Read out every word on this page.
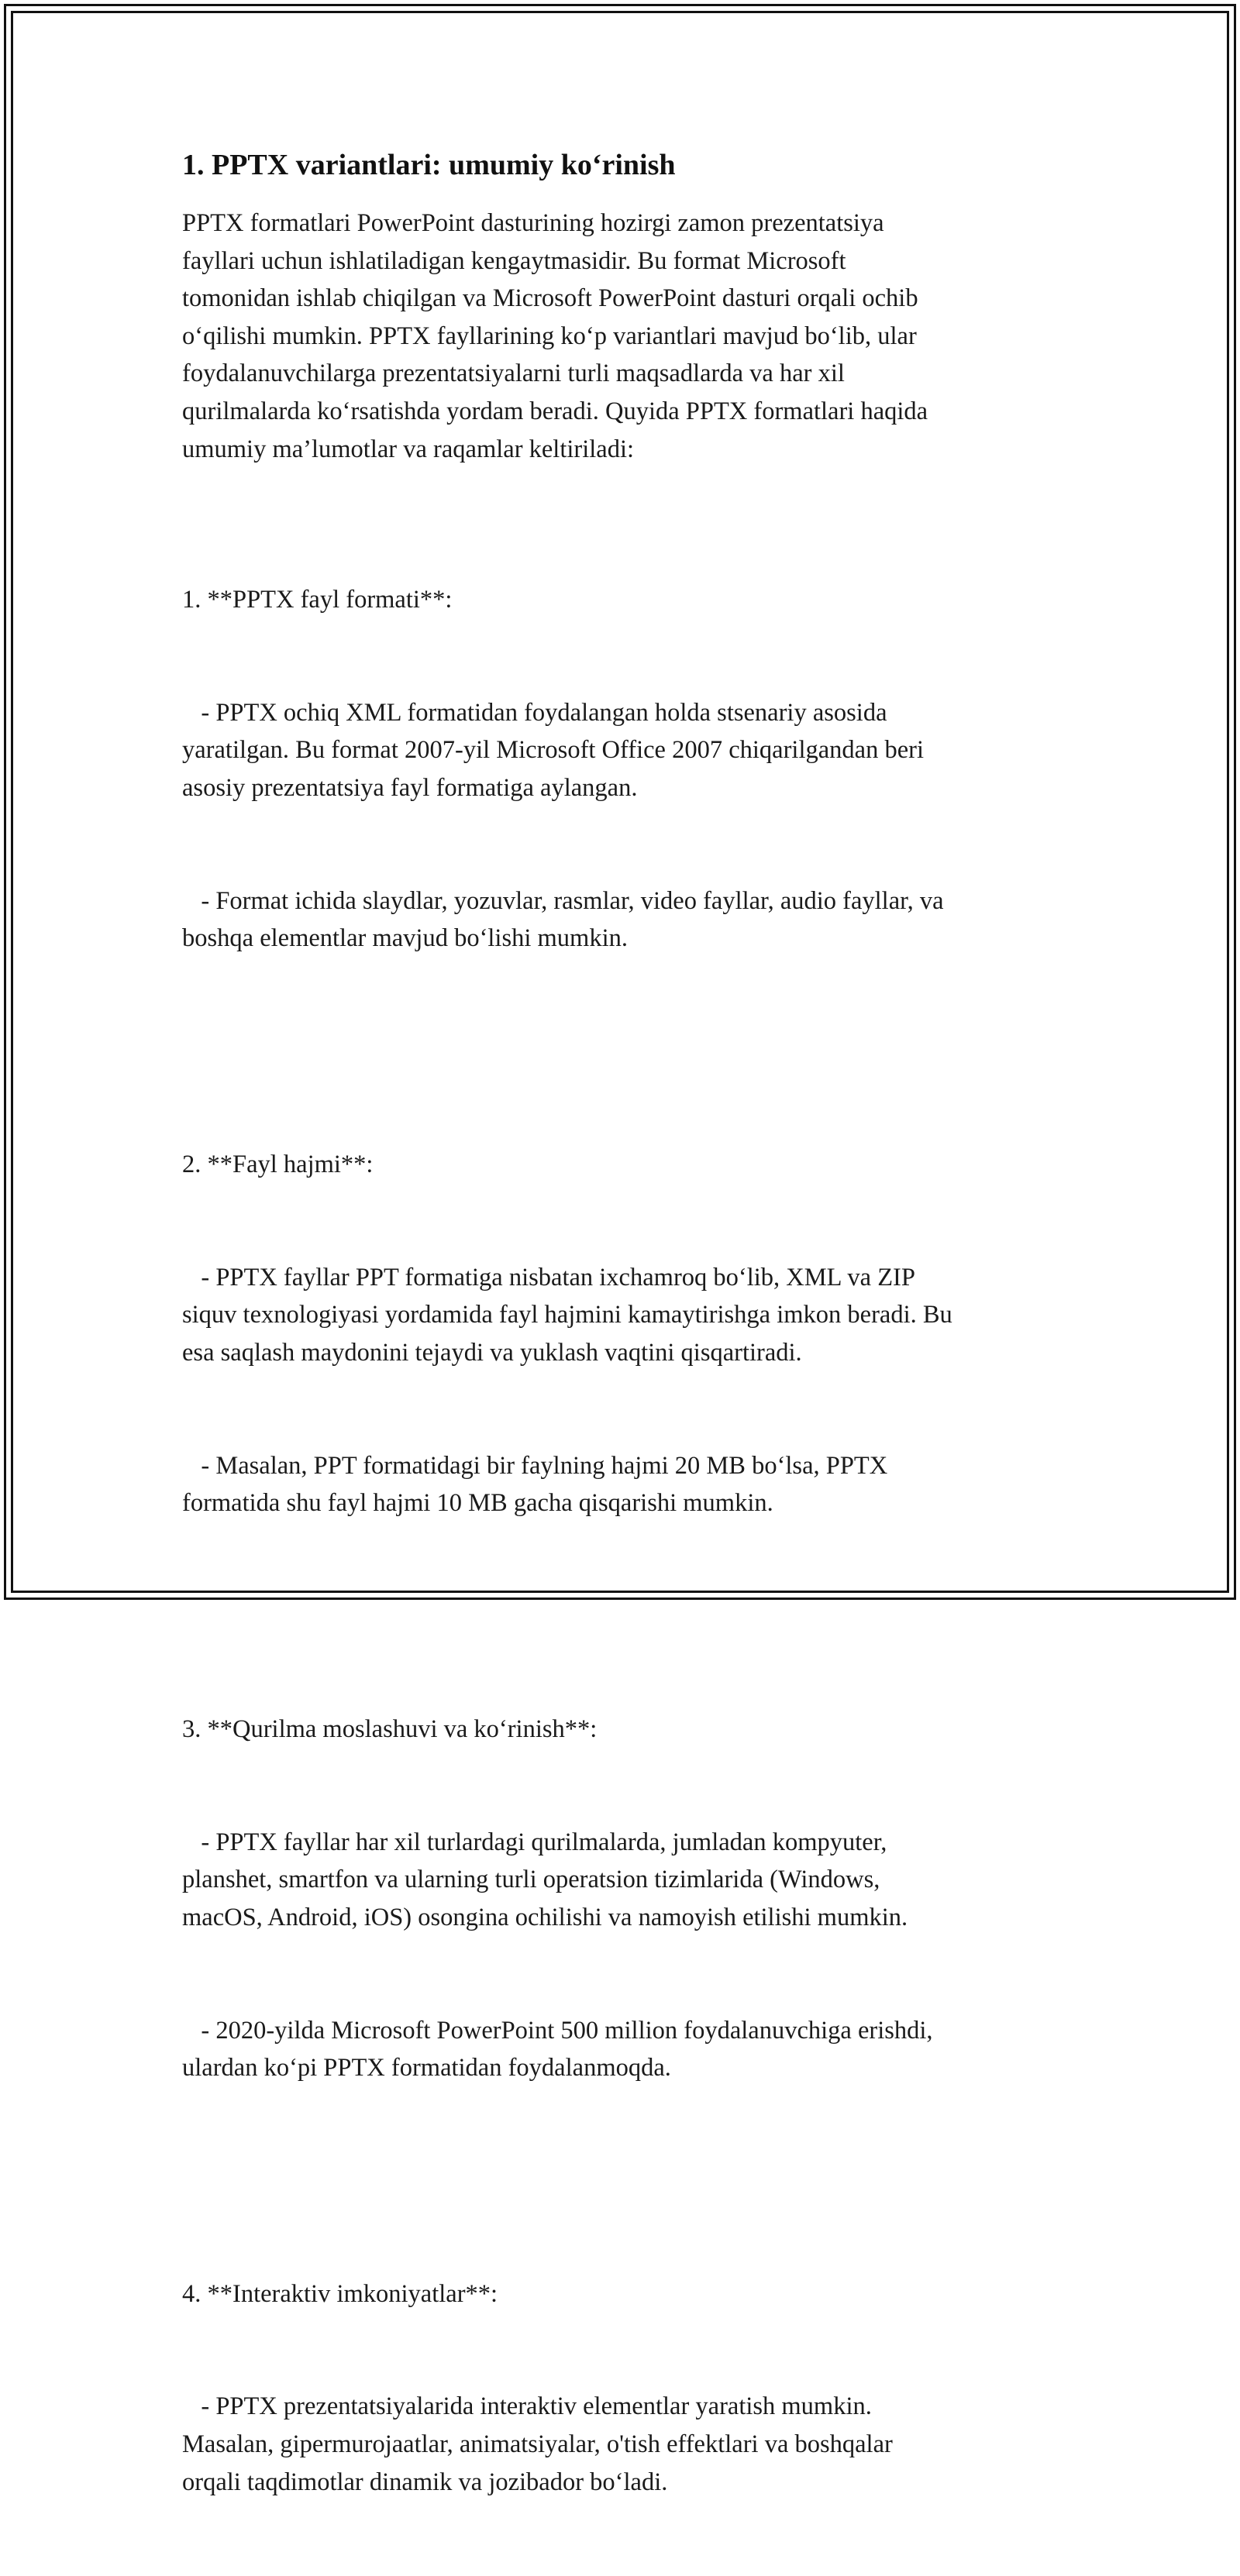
1. PPTX variantlari: umumiy ko‘rinish

PPTX formatlari PowerPoint dasturining hozirgi zamon prezentatsiya
fayllari uchun ishlatiladigan kengaytmasidir. Bu format Microsoft
tomonidan ishlab chiqilgan va Microsoft PowerPoint dasturi orqali ochib
o‘qilishi mumkin. PPTX fayllarining ko‘p variantlari mavjud bo‘lib, ular
foydalanuvchilarga prezentatsiyalarni turli maqsadlarda va har xil
qurilmalarda ko‘rsatishda yordam beradi. Quyida PPTX formatlari haqida
umumiy ma’lumotlar va raqamlar keltiriladi:

1. **PPTX fayl formati**:

- PPTX ochiq XML formatidan foydalangan holda stsenariy asosida
yaratilgan. Bu format 2007-yil Microsoft Office 2007 chiqarilgandan beri
asosiy prezentatsiya fayl formatiga aylangan.

- Format ichida slaydlar, yozuvlar, rasmlar, video fayllar, audio fayllar, va
boshqa elementlar mavjud bo‘lishi mumkin.

2. **Fayl hajmi**:

- PPTX fayllar PPT formatiga nisbatan ixchamroq bo‘lib, XML va ZIP
siquv texnologiyasi yordamida fayl hajmini kamaytirishga imkon beradi. Bu
esa saqlash maydonini tejaydi va yuklash vaqtini qisqartiradi.

- Masalan, PPT formatidagi bir faylning hajmi 20 MB bo‘lsa, PPTX
formatida shu fayl hajmi 10 MB gacha qisqarishi mumkin.

3. **Qurilma moslashuvi va ko‘rinish**:

- PPTX fayllar har xil turlardagi qurilmalarda, jumladan kompyuter,
planshet, smartfon va ularning turli operatsion tizimlarida (Windows,
macOS, Android, iOS) osongina ochilishi va namoyish etilishi mumkin.

- 2020-yilda Microsoft PowerPoint 500 million foydalanuvchiga erishdi,
ulardan ko‘pi PPTX formatidan foydalanmoqda.

4. **Interaktiv imkoniyatlar**:

- PPTX prezentatsiyalarida interaktiv elementlar yaratish mumkin.
Masalan, gipermurojaatlar, animatsiyalar, o'tish effektlari va boshqalar
orqali taqdimotlar dinamik va jozibador bo‘ladi.
